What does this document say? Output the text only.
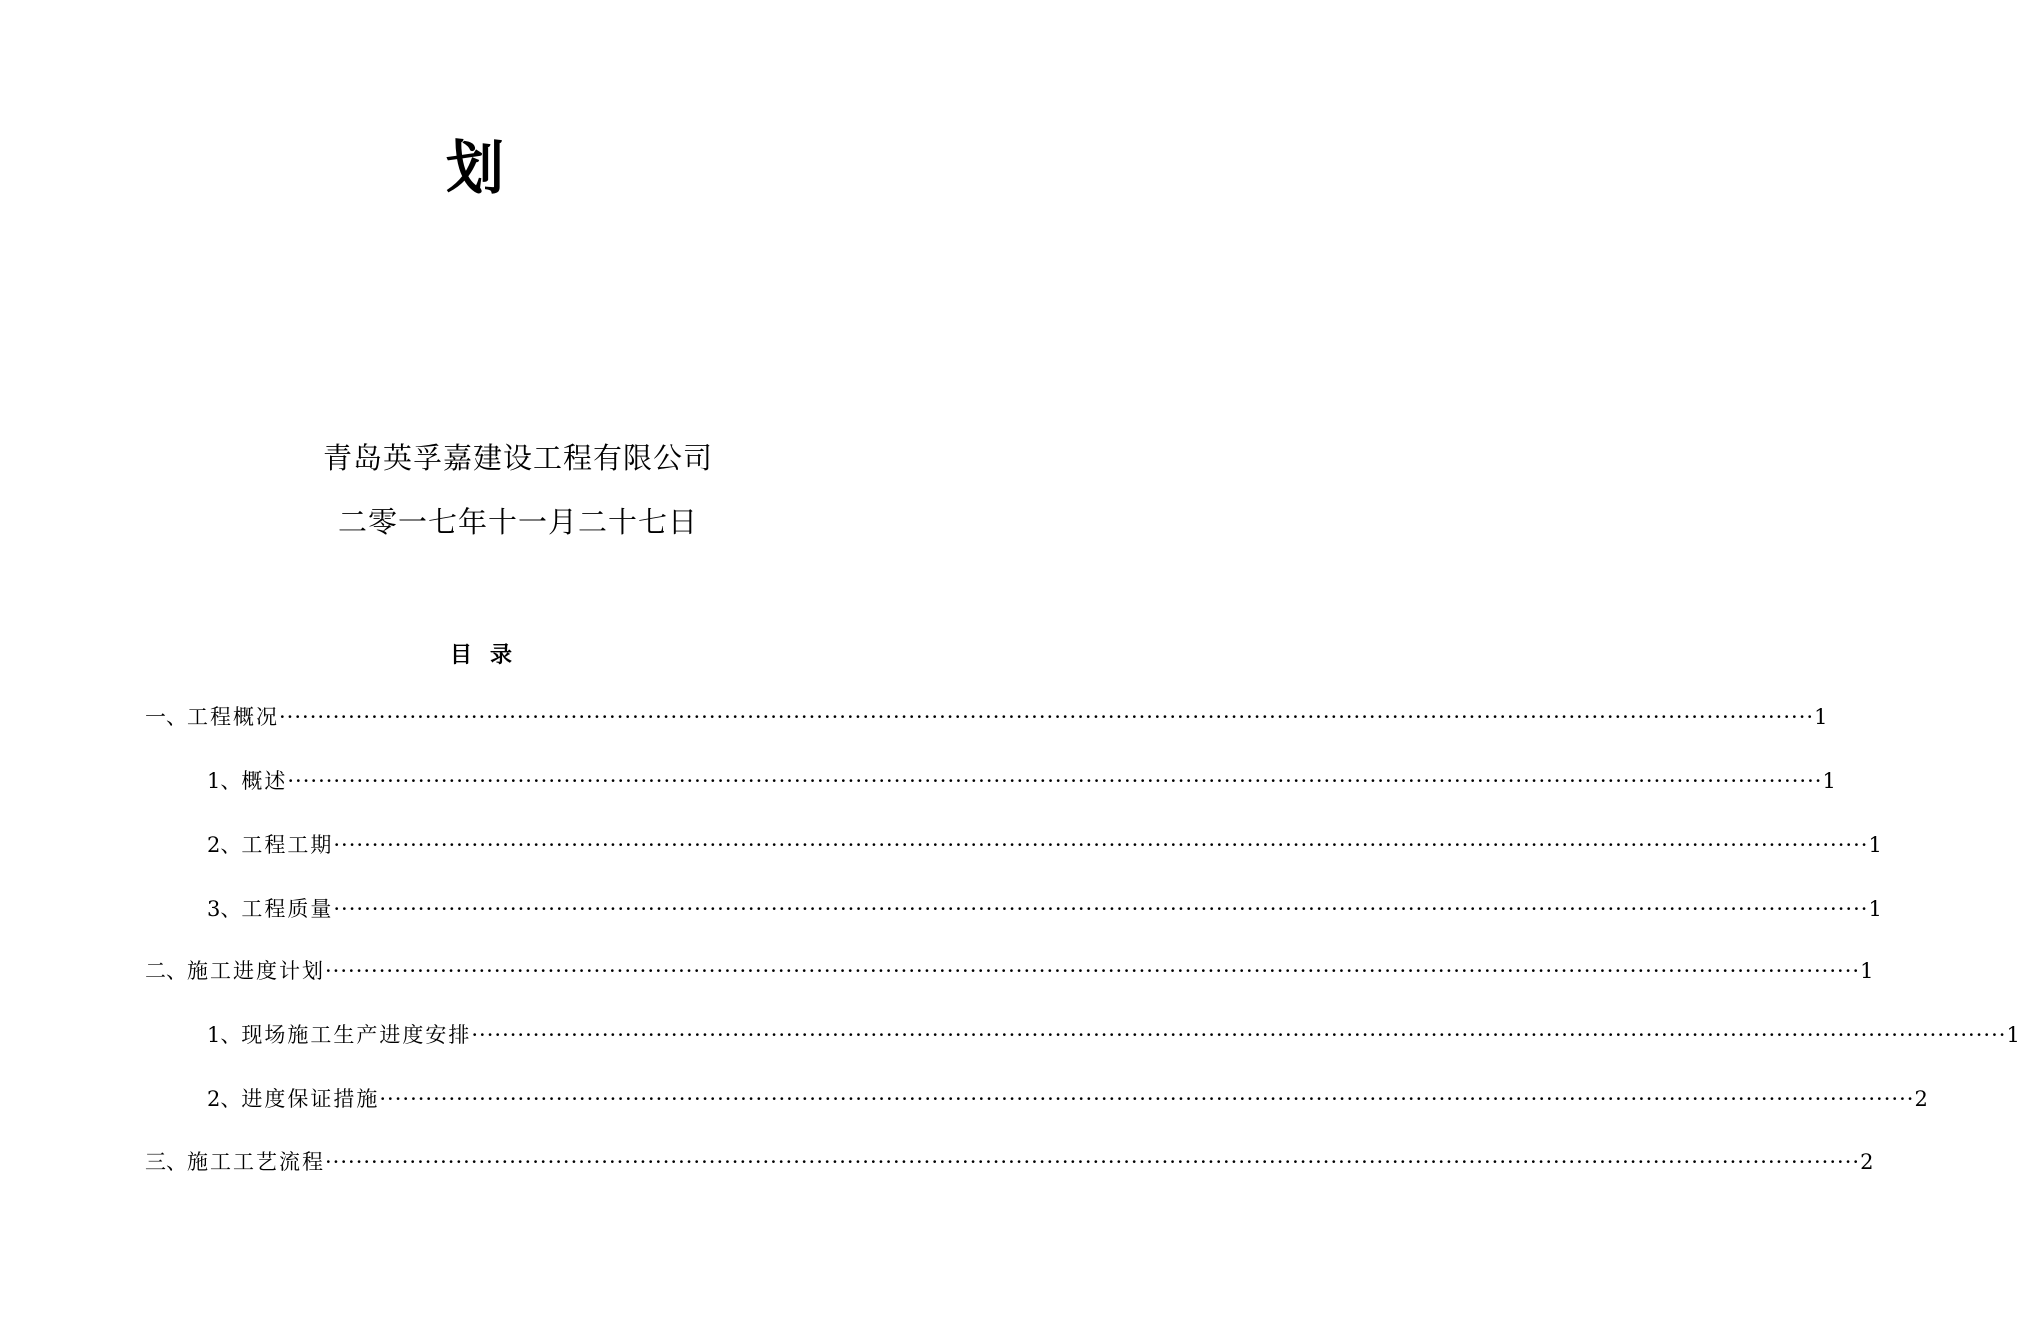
划
青岛英孚嘉建设工程有限公司
二零一七年十一月二十七日
目录
一、 工程概况 ········································································································································································································ 1
1、 概述 ········································································································································································································ 1
2、 工程工期 ········································································································································································································ 1
3、 工程质量 ········································································································································································································ 1
二、 施工进度计划 ········································································································································································································ 1
1、 现场施工生产进度安排 ········································································································································································································ 1
2、 进度保证措施 ········································································································································································································ 2
三、 施工工艺流程 ········································································································································································································ 2
